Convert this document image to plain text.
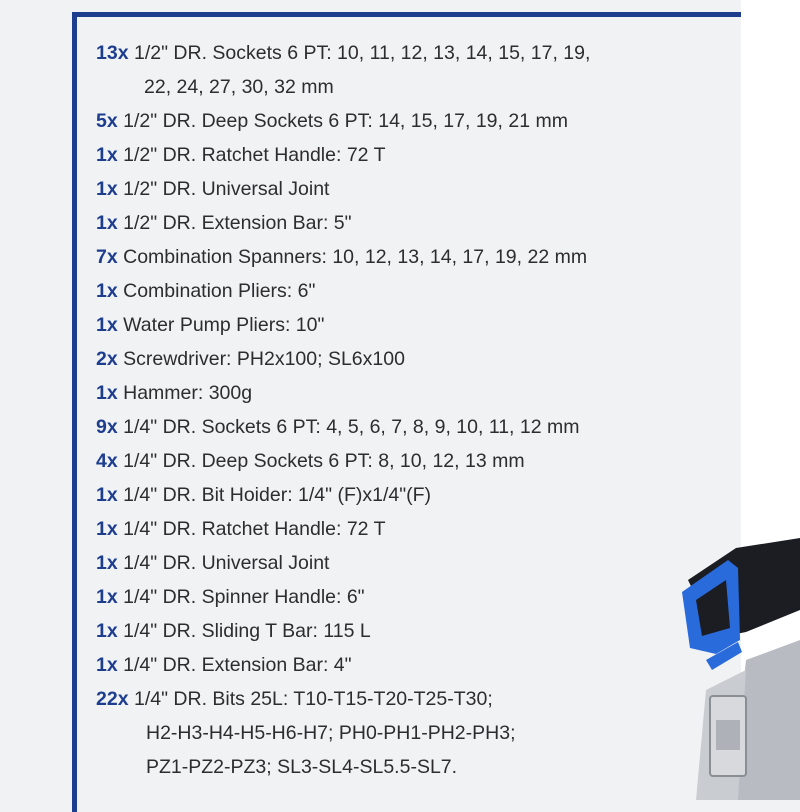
13x 1/2" DR. Sockets 6 PT: 10, 11, 12, 13, 14, 15, 17, 19,
22, 24, 27, 30, 32 mm
5x 1/2" DR. Deep Sockets 6 PT: 14, 15, 17, 19, 21 mm
1x 1/2" DR. Ratchet Handle: 72 T
1x 1/2" DR. Universal Joint
1x 1/2" DR. Extension Bar: 5"
7x Combination Spanners: 10, 12, 13, 14, 17, 19, 22 mm
1x Combination Pliers: 6"
1x Water Pump Pliers: 10"
2x Screwdriver: PH2x100; SL6x100
1x Hammer: 300g
9x 1/4" DR. Sockets 6 PT: 4, 5, 6, 7, 8, 9, 10, 11, 12 mm
4x 1/4" DR. Deep Sockets 6 PT: 8, 10, 12, 13 mm
1x 1/4" DR. Bit Hoider: 1/4" (F)x1/4"(F)
1x 1/4" DR. Ratchet Handle: 72 T
1x 1/4" DR. Universal Joint
1x 1/4" DR. Spinner Handle: 6"
1x 1/4" DR. Sliding T Bar: 115 L
1x 1/4" DR. Extension Bar: 4"
22x 1/4" DR. Bits 25L: T10-T15-T20-T25-T30;
H2-H3-H4-H5-H6-H7; PH0-PH1-PH2-PH3;
PZ1-PZ2-PZ3; SL3-SL4-SL5.5-SL7.
